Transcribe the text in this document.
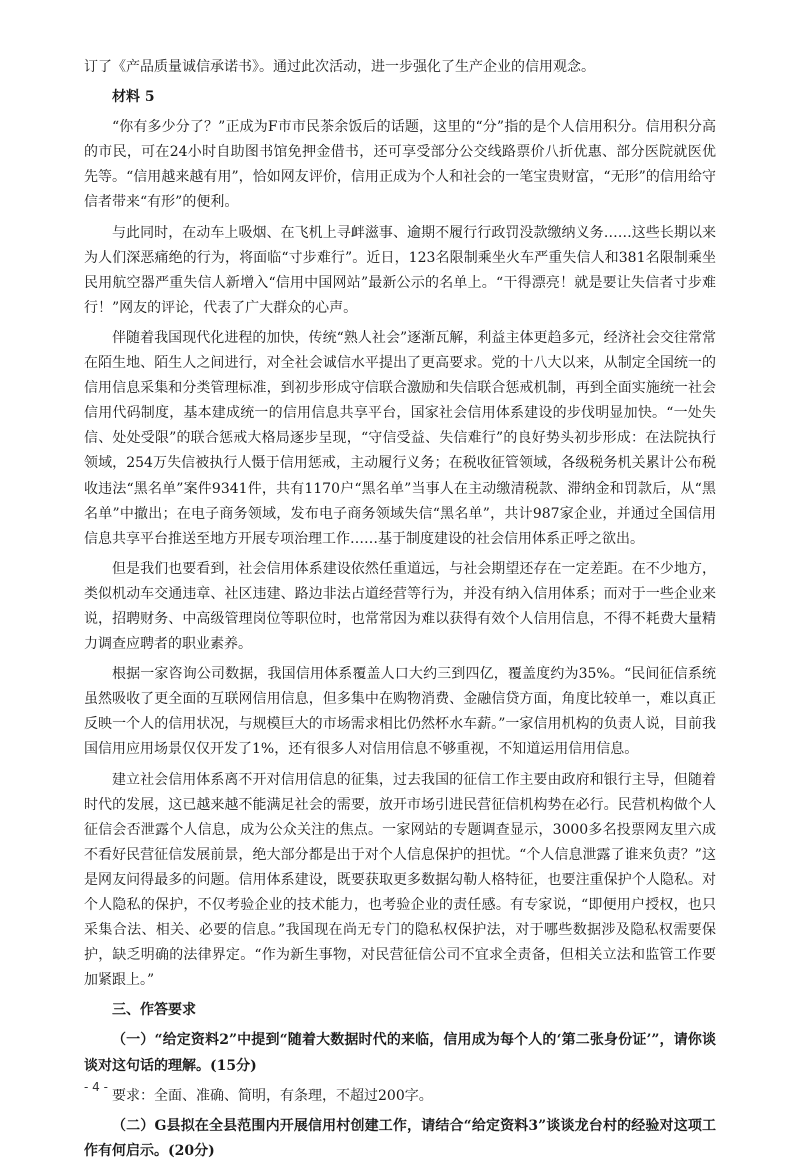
订了《产品质量诚信承诺书》。通过此次活动，进一步强化了生产企业的信用观念。

材料 5

“你有多少分了？”正成为F市市民茶余饭后的话题，这里的“分”指的是个人信用积分。信用积分高的市民，可在24小时自助图书馆免押金借书，还可享受部分公交线路票价八折优惠、部分医院就医优先等。“信用越来越有用”，恰如网友评价，信用正成为个人和社会的一笔宝贵财富，“无形”的信用给守信者带来“有形”的便利。

与此同时，在动车上吸烟、在飞机上寻衅滋事、逾期不履行行政罚没款缴纳义务……这些长期以来为人们深恶痛绝的行为，将面临“寸步难行”。近日，123名限制乘坐火车严重失信人和381名限制乘坐民用航空器严重失信人新增入“信用中国网站”最新公示的名单上。“干得漂亮！就是要让失信者寸步难行！”网友的评论，代表了广大群众的心声。

伴随着我国现代化进程的加快，传统“熟人社会”逐渐瓦解，利益主体更趋多元，经济社会交往常常在陌生地、陌生人之间进行，对全社会诚信水平提出了更高要求。党的十八大以来，从制定全国统一的信用信息采集和分类管理标准，到初步形成守信联合激励和失信联合惩戒机制，再到全面实施统一社会信用代码制度，基本建成统一的信用信息共享平台，国家社会信用体系建设的步伐明显加快。“一处失信、处处受限”的联合惩戒大格局逐步呈现，“守信受益、失信难行”的良好势头初步形成：在法院执行领域，254万失信被执行人慑于信用惩戒，主动履行义务；在税收征管领域，各级税务机关累计公布税收违法“黑名单”案件9341件，共有1170户“黑名单”当事人在主动缴清税款、滞纳金和罚款后，从“黑名单”中撤出；在电子商务领域，发布电子商务领域失信“黑名单”，共计987家企业，并通过全国信用信息共享平台推送至地方开展专项治理工作……基于制度建设的社会信用体系正呼之欲出。

但是我们也要看到，社会信用体系建设依然任重道远，与社会期望还存在一定差距。在不少地方，类似机动车交通违章、社区违建、路边非法占道经营等行为，并没有纳入信用体系；而对于一些企业来说，招聘财务、中高级管理岗位等职位时，也常常因为难以获得有效个人信用信息，不得不耗费大量精力调查应聘者的职业素养。

根据一家咨询公司数据，我国信用体系覆盖人口大约三到四亿，覆盖度约为35%。“民间征信系统虽然吸收了更全面的互联网信用信息，但多集中在购物消费、金融信贷方面，角度比较单一，难以真正反映一个人的信用状况，与规模巨大的市场需求相比仍然杯水车薪。”一家信用机构的负责人说，目前我国信用应用场景仅仅开发了1%，还有很多人对信用信息不够重视，不知道运用信用信息。

建立社会信用体系离不开对信用信息的征集，过去我国的征信工作主要由政府和银行主导，但随着时代的发展，这已越来越不能满足社会的需要，放开市场引进民营征信机构势在必行。民营机构做个人征信会否泄露个人信息，成为公众关注的焦点。一家网站的专题调查显示，3000多名投票网友里六成不看好民营征信发展前景，绝大部分都是出于对个人信息保护的担忧。“个人信息泄露了谁来负责？”这是网友问得最多的问题。信用体系建设，既要获取更多数据勾勒人格特征，也要注重保护个人隐私。对个人隐私的保护，不仅考验企业的技术能力，也考验企业的责任感。有专家说，“即便用户授权，也只采集合法、相关、必要的信息。”我国现在尚无专门的隐私权保护法，对于哪些数据涉及隐私权需要保护，缺乏明确的法律界定。“作为新生事物，对民营征信公司不宜求全责备，但相关立法和监管工作要加紧跟上。”

三、作答要求

（一）“给定资料2”中提到“随着大数据时代的来临，信用成为每个人的‘第二张身份证’”，请你谈谈对这句话的理解。(15分)

要求：全面、准确、简明，有条理，不超过200字。

（二）G县拟在全县范围内开展信用村创建工作，请结合“给定资料3”谈谈龙台村的经验对这项工作有何启示。(20分)

- 4 -
